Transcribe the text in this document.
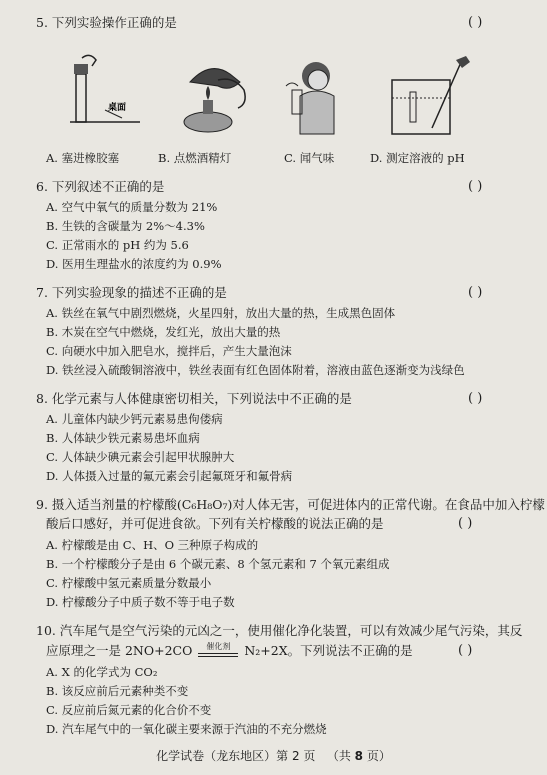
5. 下列实验操作正确的是	( )
桌面
A. 塞进橡胶塞	B. 点燃酒精灯	C. 闻气味	D. 测定溶液的 pH
6. 下列叙述不正确的是	( )
A. 空气中氧气的质量分数为 21%
B. 生铁的含碳量为 2%～4.3%
C. 正常雨水的 pH 约为 5.6
D. 医用生理盐水的浓度约为 0.9%
7. 下列实验现象的描述不正确的是	( )
A. 铁丝在氧气中剧烈燃烧，火星四射，放出大量的热，生成黑色固体
B. 木炭在空气中燃烧，发红光，放出大量的热
C. 向硬水中加入肥皂水，搅拌后，产生大量泡沫
D. 铁丝浸入硫酸铜溶液中，铁丝表面有红色固体附着，溶液由蓝色逐渐变为浅绿色
8. 化学元素与人体健康密切相关，下列说法中不正确的是	( )
A. 儿童体内缺少钙元素易患佝偻病
B. 人体缺少铁元素易患坏血病
C. 人体缺少碘元素会引起甲状腺肿大
D. 人体摄入过量的氟元素会引起氟斑牙和氟骨病
9. 摄入适当剂量的柠檬酸(C₆H₈O₇)对人体无害，可促进体内的正常代谢。在食品中加入柠檬
酸后口感好，并可促进食欲。下列有关柠檬酸的说法正确的是	( )
A. 柠檬酸是由 C、H、O 三种原子构成的
B. 一个柠檬酸分子是由 6 个碳元素、8 个氢元素和 7 个氧元素组成
C. 柠檬酸中氢元素质量分数最小
D. 柠檬酸分子中质子数不等于电子数
10. 汽车尾气是空气污染的元凶之一，使用催化净化装置，可以有效减少尾气污染，其反
应原理之一是 2NO+2CO	催化剂	N₂+2X。下列说法不正确的是	( )
A. X 的化学式为 CO₂
B. 该反应前后元素种类不变
C. 反应前后氮元素的化合价不变
D. 汽车尾气中的一氧化碳主要来源于汽油的不充分燃烧
化学试卷（龙东地区）第 2 页 （共 8 页）
